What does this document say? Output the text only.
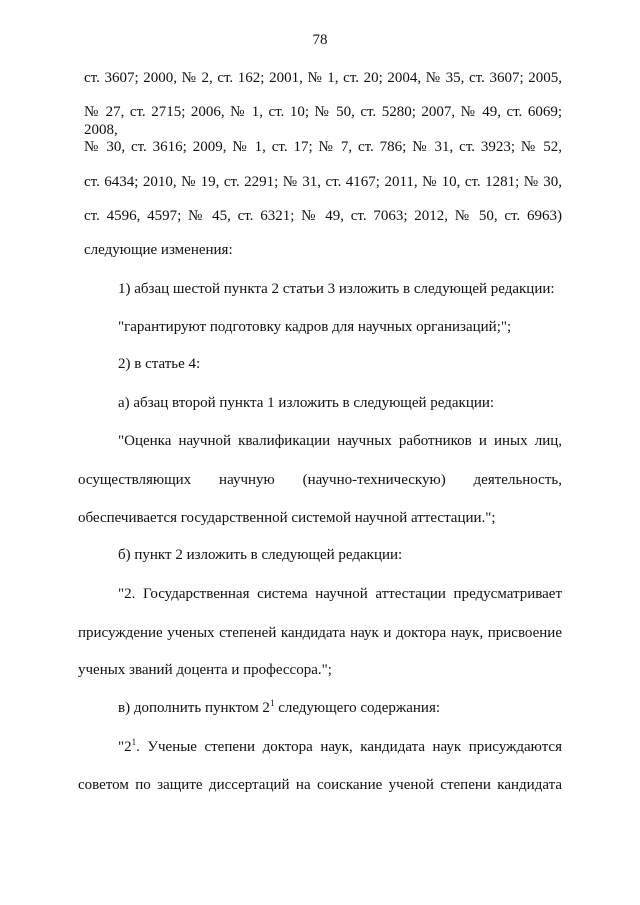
78
ст. 3607; 2000, № 2, ст. 162; 2001, № 1, ст. 20; 2004, № 35, ст. 3607; 2005,
№ 27, ст. 2715; 2006, № 1, ст. 10; № 50, ст. 5280; 2007, № 49, ст. 6069; 2008,
№ 30, ст. 3616; 2009, № 1, ст. 17; № 7, ст. 786; № 31, ст. 3923; № 52,
ст. 6434; 2010, № 19, ст. 2291; № 31, ст. 4167; 2011, № 10, ст. 1281; № 30,
ст. 4596, 4597; № 45, ст. 6321; № 49, ст. 7063; 2012, № 50, ст. 6963)
следующие изменения:
1) абзац шестой пункта 2 статьи 3 изложить в следующей редакции:
"гарантируют подготовку кадров для научных организаций;";
2) в статье 4:
а) абзац второй пункта 1 изложить в следующей редакции:
"Оценка научной квалификации научных работников и иных лиц,
осуществляющих научную (научно-техническую) деятельность,
обеспечивается государственной системой научной аттестации.";
б) пункт 2 изложить в следующей редакции:
"2. Государственная система научной аттестации предусматривает
присуждение ученых степеней кандидата наук и доктора наук, присвоение
ученых званий доцента и профессора.";
в) дополнить пунктом $2^1$ следующего содержания:
"$2^1$. Ученые степени доктора наук, кандидата наук присуждаются
советом по защите диссертаций на соискание ученой степени кандидата
